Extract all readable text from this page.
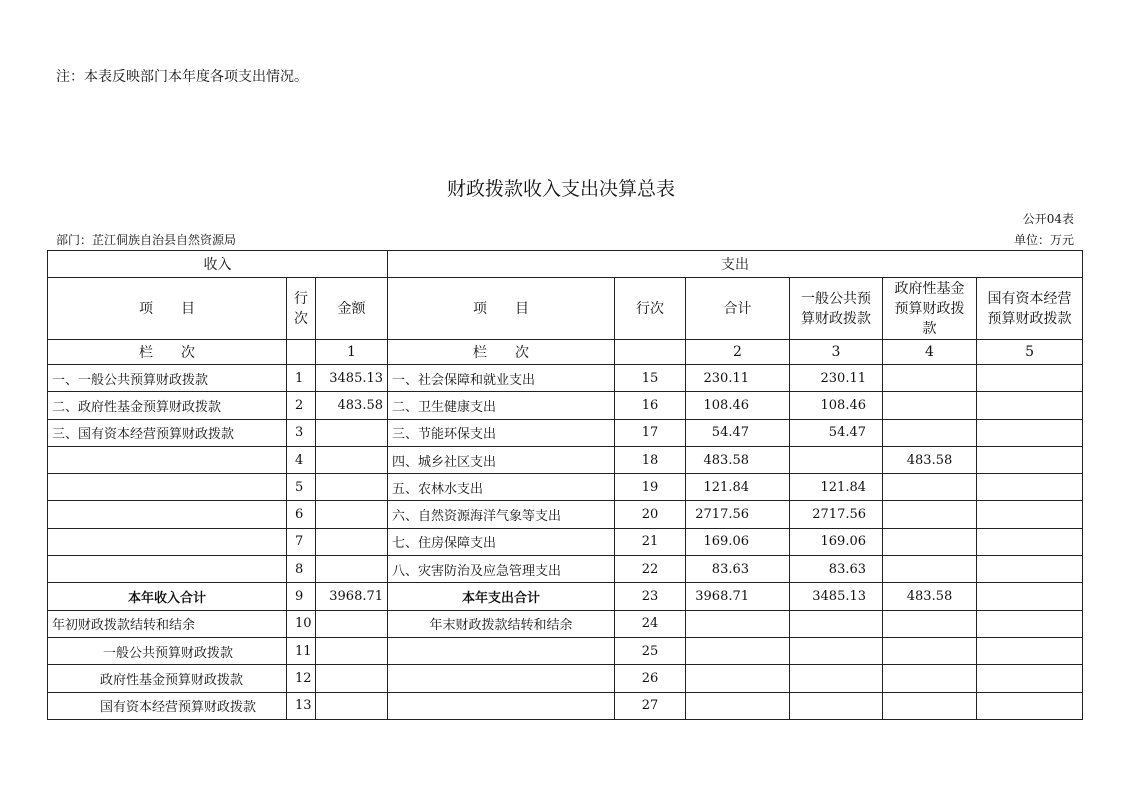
注：本表反映部门本年度各项支出情况。
财政拨款收入支出决算总表
公开04表
部门：芷江侗族自治县自然资源局	单位：万元
收入			支出					
项　　目	行次	金额	项　　目	行次	合计	一般公共预算财政拨款	政府性基金预算财政拨款	国有资本经营预算财政拨款
栏　　次		1	栏　　次		2	3	4	5
一、一般公共预算财政拨款	1	3485.13	一、社会保障和就业支出	15	230.11	230.11		
二、政府性基金预算财政拨款	2	483.58	二、卫生健康支出	16	108.46	108.46		
三、国有资本经营预算财政拨款	3		三、节能环保支出	17	54.47	54.47		
	4		四、城乡社区支出	18	483.58		483.58	
	5		五、农林水支出	19	121.84	121.84		
	6		六、自然资源海洋气象等支出	20	2717.56	2717.56		
	7		七、住房保障支出	21	169.06	169.06		
	8		八、灾害防治及应急管理支出	22	83.63	83.63		
本年收入合计	9	3968.71	本年支出合计	23	3968.71	3485.13	483.58	
年初财政拨款结转和结余	10		年末财政拨款结转和结余	24				
一般公共预算财政拨款	11			25				
政府性基金预算财政拨款	12			26				
国有资本经营预算财政拨款	13			27				
